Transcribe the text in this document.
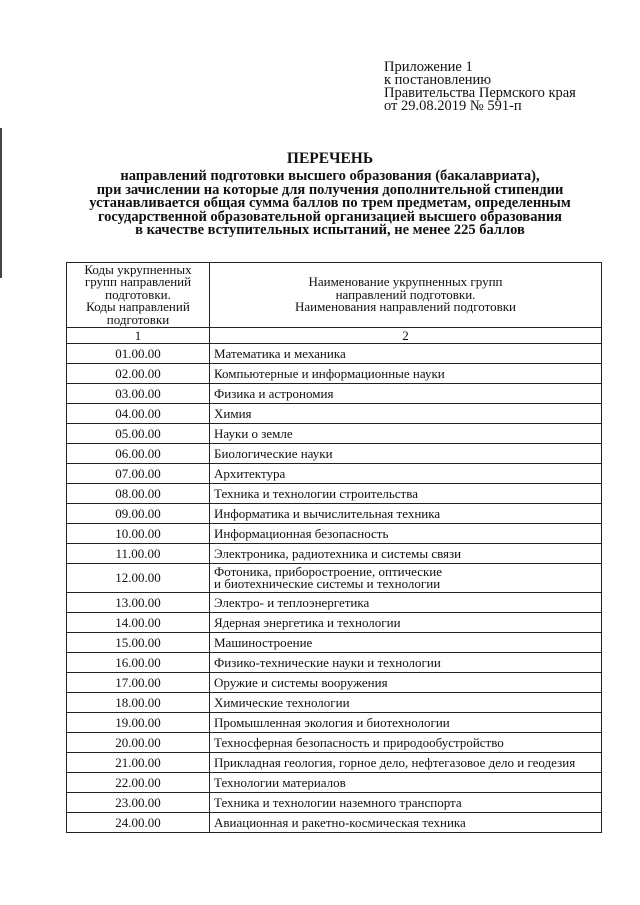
Приложение 1
к постановлению
Правительства Пермского края
от 29.08.2019 № 591-п
ПЕРЕЧЕНЬ
направлений подготовки высшего образования (бакалавриата),
при зачислении на которые для получения дополнительной стипендии
устанавливается общая сумма баллов по трем предметам, определенным
государственной образовательной организацией высшего образования
в качестве вступительных испытаний, не менее 225 баллов
Коды укрупненных
групп направлений
подготовки.
Коды направлений
подготовки	Наименование укрупненных групп
направлений подготовки.
Наименования направлений подготовки
1	2
01.00.00	Математика и механика
02.00.00	Компьютерные и информационные науки
03.00.00	Физика и астрономия
04.00.00	Химия
05.00.00	Науки о земле
06.00.00	Биологические науки
07.00.00	Архитектура
08.00.00	Техника и технологии строительства
09.00.00	Информатика и вычислительная техника
10.00.00	Информационная безопасность
11.00.00	Электроника, радиотехника и системы связи
12.00.00	Фотоника, приборостроение, оптические
и биотехнические системы и технологии
13.00.00	Электро- и теплоэнергетика
14.00.00	Ядерная энергетика и технологии
15.00.00	Машиностроение
16.00.00	Физико-технические науки и технологии
17.00.00	Оружие и системы вооружения
18.00.00	Химические технологии
19.00.00	Промышленная экология и биотехнологии
20.00.00	Техносферная безопасность и природообустройство
21.00.00	Прикладная геология, горное дело, нефтегазовое дело и геодезия
22.00.00	Технологии материалов
23.00.00	Техника и технологии наземного транспорта
24.00.00	Авиационная и ракетно-космическая техника
